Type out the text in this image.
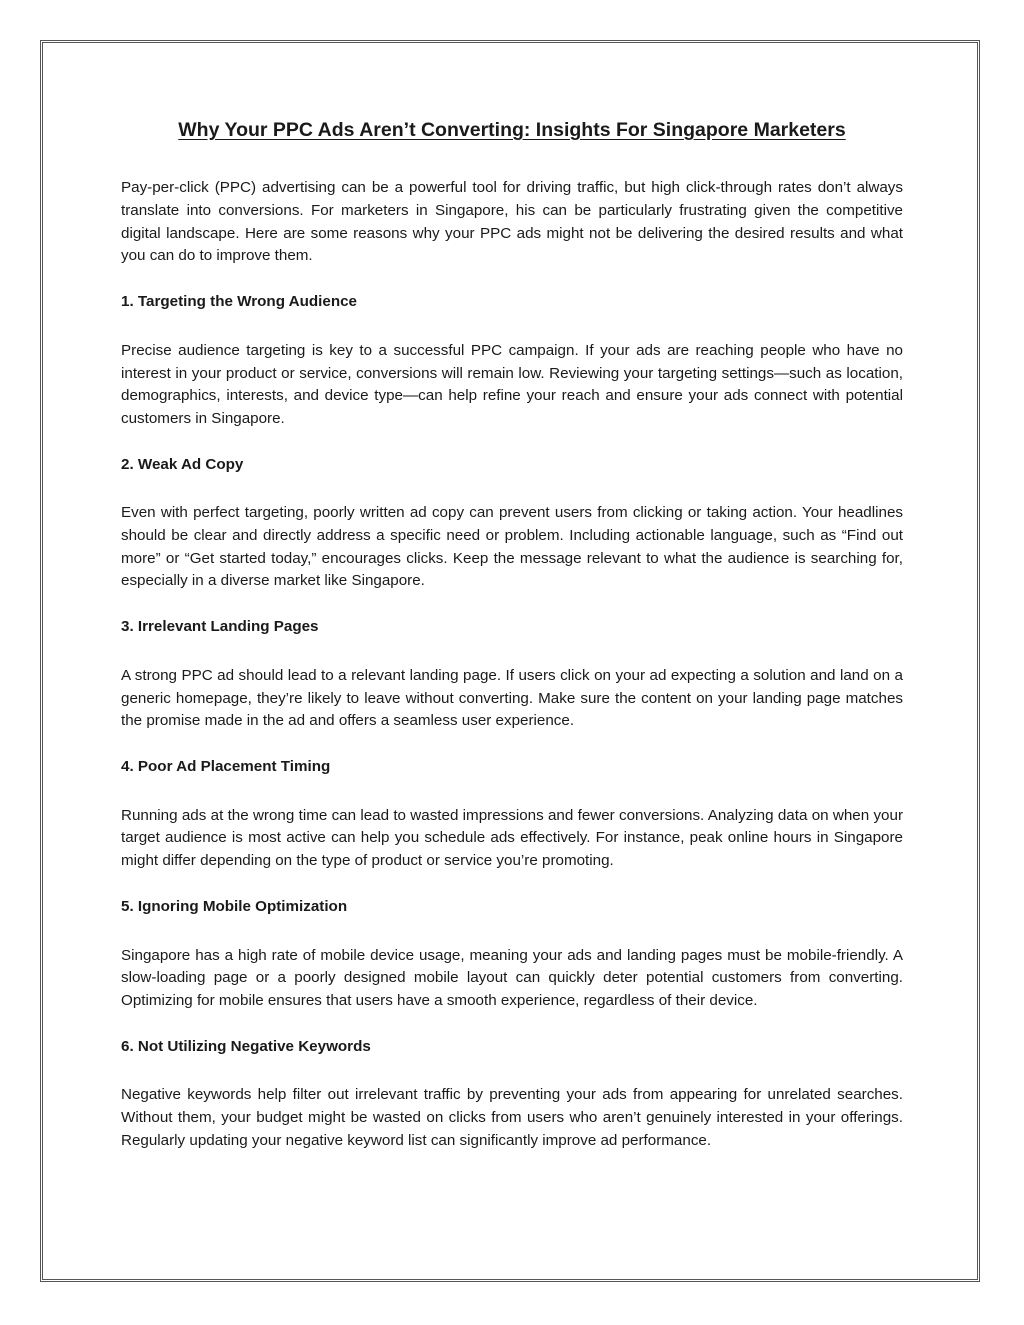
Why Your PPC Ads Aren’t Converting: Insights For Singapore Marketers

Pay-per-click (PPC) advertising can be a powerful tool for driving traffic, but high click-through rates don’t always translate into conversions. For marketers in Singapore, his can be particularly frustrating given the competitive digital landscape. Here are some reasons why your PPC ads might not be delivering the desired results and what you can do to improve them.

1. Targeting the Wrong Audience

Precise audience targeting is key to a successful PPC campaign. If your ads are reaching people who have no interest in your product or service, conversions will remain low. Reviewing your targeting settings—such as location, demographics, interests, and device type—can help refine your reach and ensure your ads connect with potential customers in Singapore.

2. Weak Ad Copy

Even with perfect targeting, poorly written ad copy can prevent users from clicking or taking action. Your headlines should be clear and directly address a specific need or problem. Including actionable language, such as “Find out more” or “Get started today,” encourages clicks. Keep the message relevant to what the audience is searching for, especially in a diverse market like Singapore.

3. Irrelevant Landing Pages

A strong PPC ad should lead to a relevant landing page. If users click on your ad expecting a solution and land on a generic homepage, they’re likely to leave without converting. Make sure the content on your landing page matches the promise made in the ad and offers a seamless user experience.

4. Poor Ad Placement Timing

Running ads at the wrong time can lead to wasted impressions and fewer conversions. Analyzing data on when your target audience is most active can help you schedule ads effectively. For instance, peak online hours in Singapore might differ depending on the type of product or service you’re promoting.

5. Ignoring Mobile Optimization

Singapore has a high rate of mobile device usage, meaning your ads and landing pages must be mobile-friendly. A slow-loading page or a poorly designed mobile layout can quickly deter potential customers from converting. Optimizing for mobile ensures that users have a smooth experience, regardless of their device.

6. Not Utilizing Negative Keywords

Negative keywords help filter out irrelevant traffic by preventing your ads from appearing for unrelated searches. Without them, your budget might be wasted on clicks from users who aren’t genuinely interested in your offerings. Regularly updating your negative keyword list can significantly improve ad performance.
